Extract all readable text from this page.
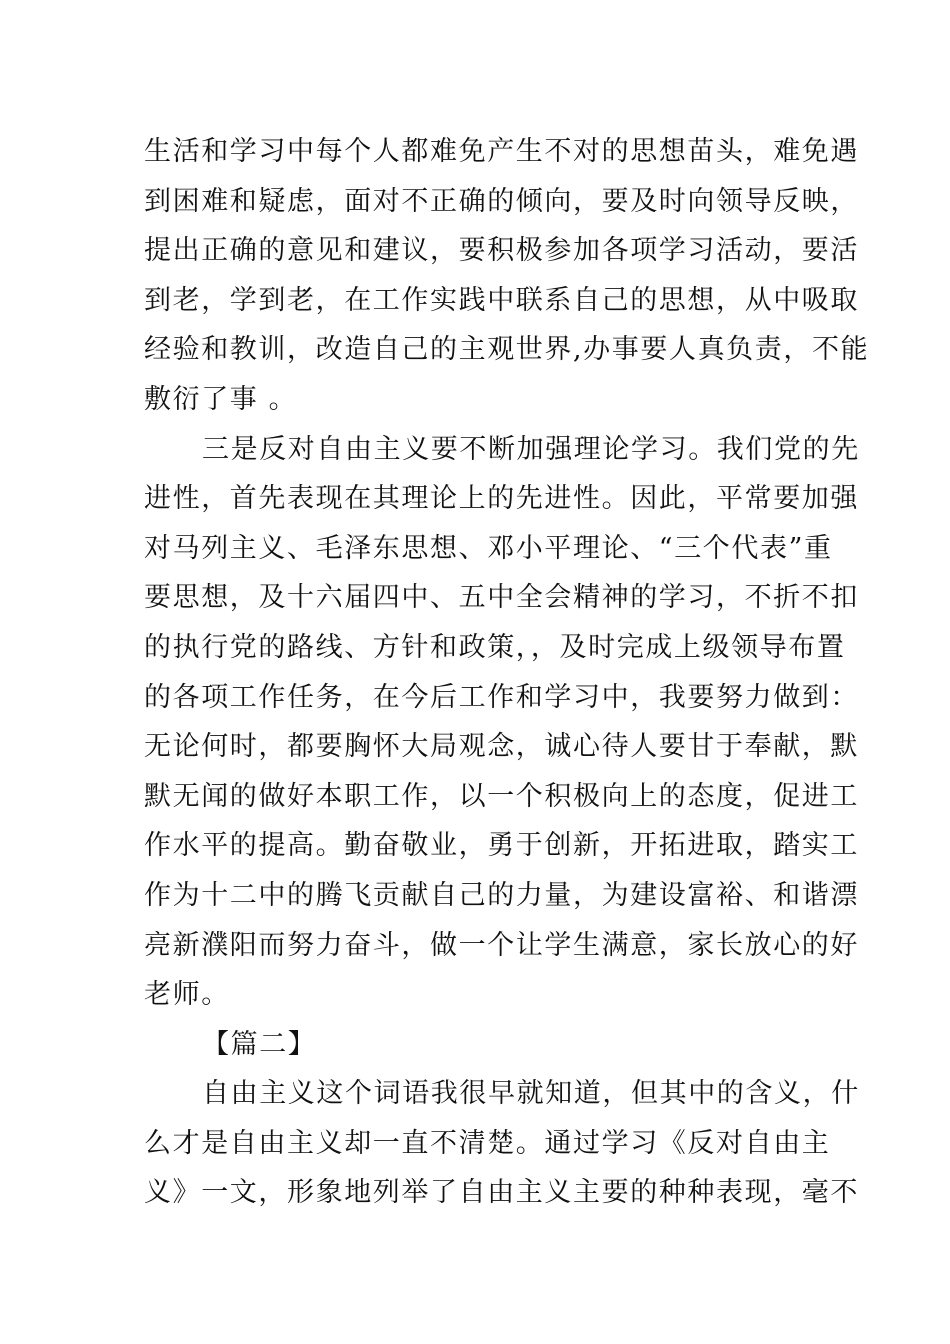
生活和学习中每个人都难免产生不对的思想苗头，难免遇
到困难和疑虑，面对不正确的倾向，要及时向领导反映，
提出正确的意见和建议，要积极参加各项学习活动，要活
到老，学到老，在工作实践中联系自己的思想，从中吸取
经验和教训，改造自己的主观世界,办事要人真负责，不能
敷衍了事 。
三是反对自由主义要不断加强理论学习。我们党的先
进性，首先表现在其理论上的先进性。因此，平常要加强
对马列主义、毛泽东思想、邓小平理论、“三个代表”重
要思想，及十六届四中、五中全会精神的学习，不折不扣
的执行党的路线、方针和政策，，及时完成上级领导布置
的各项工作任务，在今后工作和学习中，我要努力做到：
无论何时，都要胸怀大局观念，诚心待人要甘于奉献，默
默无闻的做好本职工作，以一个积极向上的态度，促进工
作水平的提高。勤奋敬业，勇于创新，开拓进取，踏实工
作为十二中的腾飞贡献自己的力量，为建设富裕、和谐漂
亮新濮阳而努力奋斗，做一个让学生满意，家长放心的好
老师。
【篇二】
自由主义这个词语我很早就知道，但其中的含义，什
么才是自由主义却一直不清楚。通过学习《反对自由主
义》一文，形象地列举了自由主义主要的种种表现，毫不
